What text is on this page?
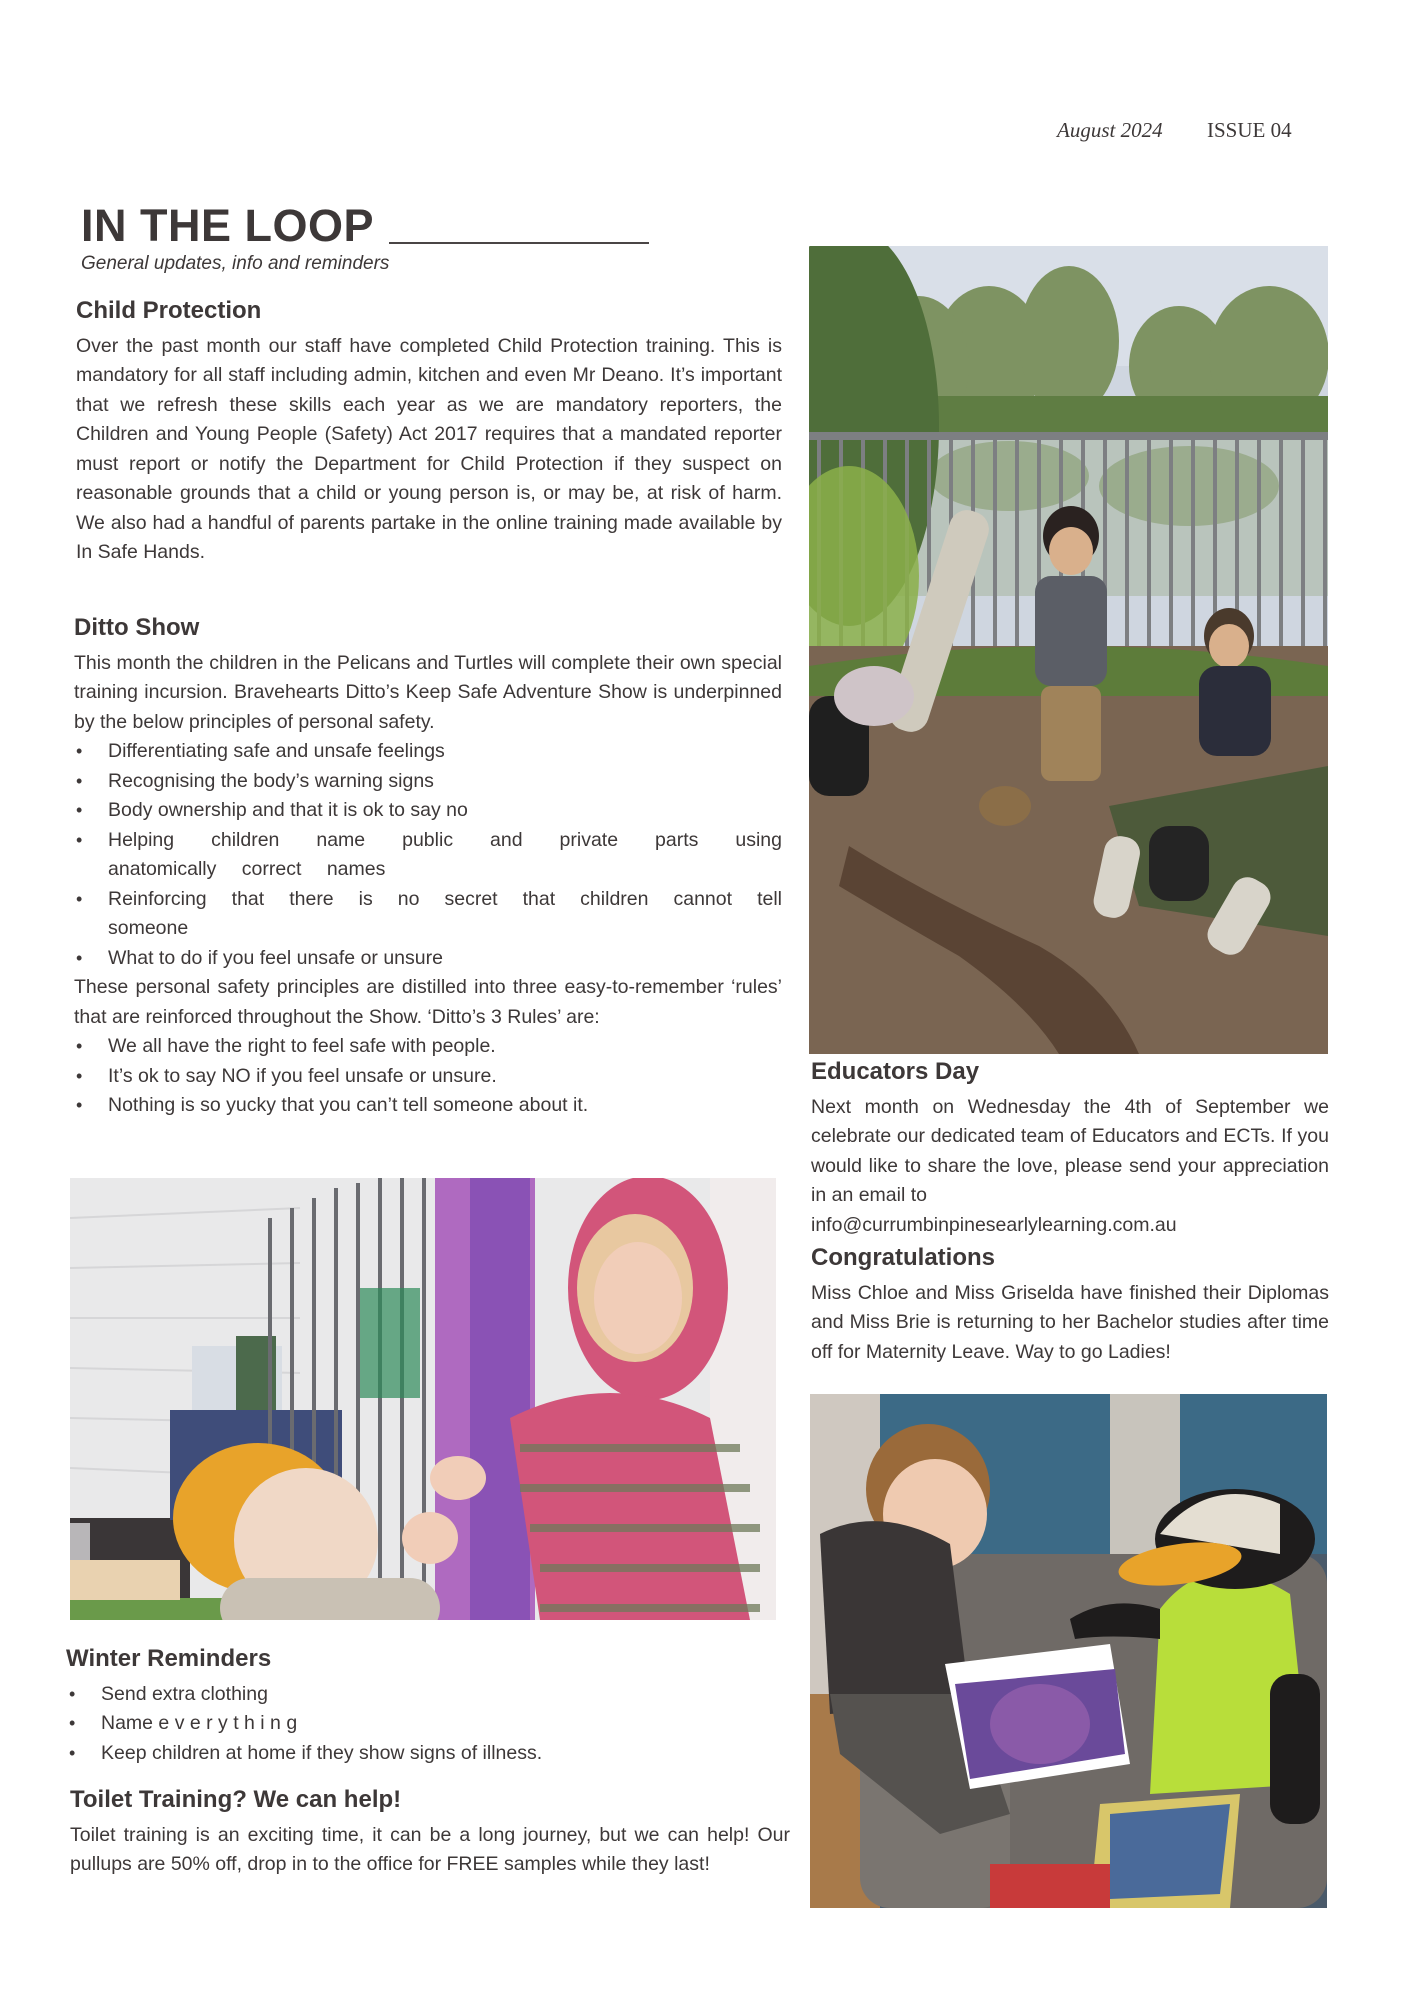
August 2024 ISSUE 04
IN THE LOOP
General updates, info and reminders
Child Protection

Over the past month our staff have completed Child Protection training. This is mandatory for all staff including admin, kitchen and even Mr Deano. It’s important that we refresh these skills each year as we are mandatory reporters, the Children and Young People (Safety) Act 2017 requires that a mandated reporter must report or notify the Department for Child Protection if they suspect on reasonable grounds that a child or young person is, or may be, at risk of harm. We also had a handful of parents partake in the online training made available by In Safe Hands.

Ditto Show

This month the children in the Pelicans and Turtles will complete their own special training incursion. Bravehearts Ditto’s Keep Safe Adventure Show is underpinned by the below principles of personal safety.

• Differentiating safe and unsafe feelings
• Recognising the body’s warning signs
• Body ownership and that it is ok to say no
• Helping children name public and private parts using anatomically correct names
• Reinforcing that there is no secret that children cannot tell someone
• What to do if you feel unsafe or unsure

These personal safety principles are distilled into three easy-to-remember ‘rules’ that are reinforced throughout the Show. ‘Ditto’s 3 Rules’ are:

• We all have the right to feel safe with people.
• It’s ok to say NO if you feel unsafe or unsure.
• Nothing is so yucky that you can’t tell someone about it.
Winter Reminders
• Send extra clothing
• Name e v e r y t h i n g
• Keep children at home if they show signs of illness.
Toilet Training? We can help!

Toilet training is an exciting time, it can be a long journey, but we can help! Our pullups are 50% off, drop in to the office for FREE samples while they last!

Educators Day

Next month on Wednesday the 4th of September we celebrate our dedicated team of Educators and ECTs. If you would like to share the love, please send your appreciation in an email to

info@currumbinpinesearlylearning.com.au
Congratulations

Miss Chloe and Miss Griselda have finished their Diplomas and Miss Brie is returning to her Bachelor studies after time off for Maternity Leave. Way to go Ladies!
